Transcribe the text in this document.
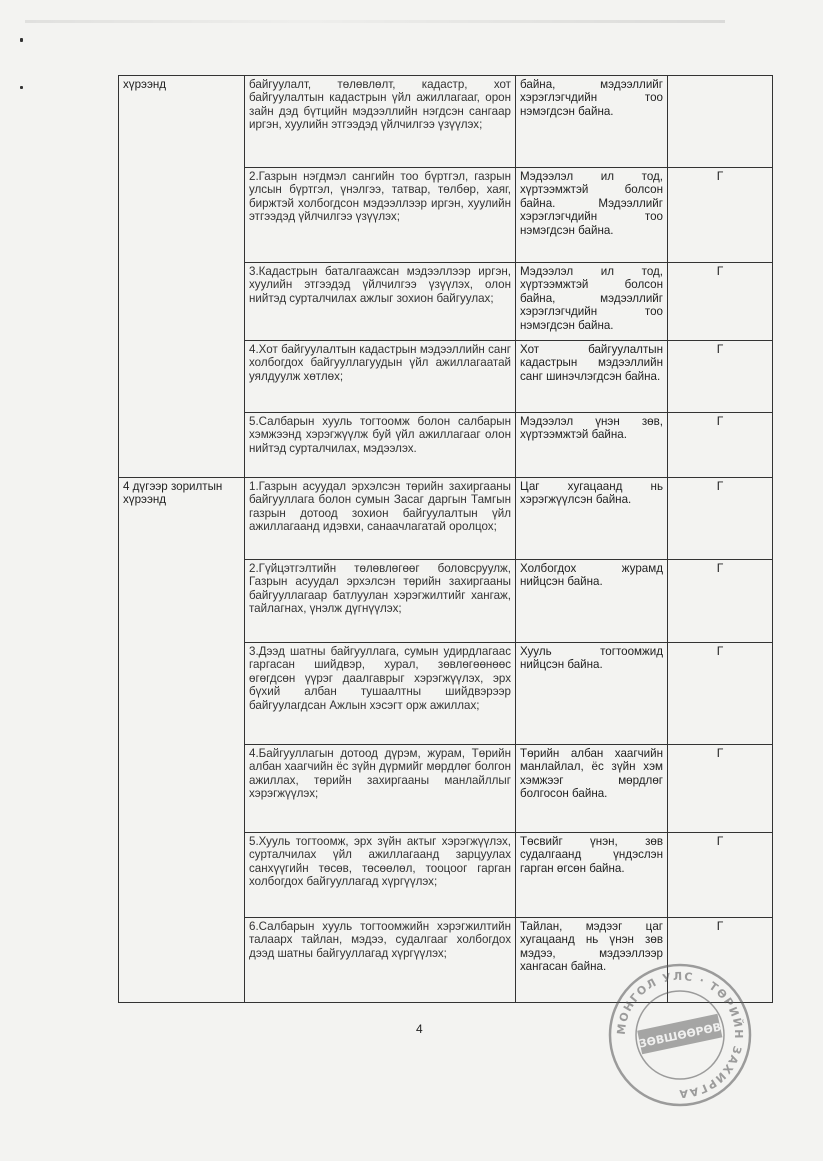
хүрээнд	байгуулалт, төлөвлөлт, кадастр, хот байгуулалтын кадастрын үйл ажиллагааг, орон зайн дэд бүтцийн мэдээллийн нэгдсэн сангаар иргэн, хуулийн этгээдэд үйлчилгээ үзүүлэх;	байна, мэдээллийг хэрэглэгчдийн тоо нэмэгдсэн байна.	
	2.Газрын нэгдмэл сангийн тоо бүртгэл, газрын улсын бүртгэл, үнэлгээ, татвар, төлбөр, хаяг, биржтэй холбогдсон мэдээллээр иргэн, хуулийн этгээдэд үйлчилгээ үзүүлэх;	Мэдээлэл ил тод, хүртээмжтэй болсон байна. Мэдээллийг хэрэглэгчдийн тоо нэмэгдсэн байна.	Г
	3.Кадастрын баталгаажсан мэдээллээр иргэн, хуулийн этгээдэд үйлчилгээ үзүүлэх, олон нийтэд сурталчилах ажлыг зохион байгуулах;	Мэдээлэл ил тод, хүртээмжтэй болсон байна, мэдээллийг хэрэглэгчдийн тоо нэмэгдсэн байна.	Г
	4.Хот байгуулалтын кадастрын мэдээллийн санг холбогдох байгууллагуудын үйл ажиллагаатай уялдуулж хөтлөх;	Хот байгуулалтын кадастрын мэдээллийн санг шинэчлэгдсэн байна.	Г
	5.Салбарын хууль тогтоомж болон салбарын хэмжээнд хэрэгжүүлж буй үйл ажиллагааг олон нийтэд сурталчилах, мэдээлэх.	Мэдээлэл үнэн зөв, хүртээмжтэй байна.	Г
4 дүгээр зорилтын хүрээнд	1.Газрын асуудал эрхэлсэн төрийн захиргааны байгууллага болон сумын Засаг даргын Тамгын газрын дотоод зохион байгуулалтын үйл ажиллагаанд идэвхи, санаачлагатай оролцох;	Цаг хугацаанд нь хэрэгжүүлсэн байна.	Г
	2.Гүйцэтгэлтийн төлөвлөгөөг боловсруулж, Газрын асуудал эрхэлсэн төрийн захиргааны байгууллагаар батлуулан хэрэгжилтийг хангаж, тайлагнах, үнэлж дүгнүүлэх;	Холбогдох журамд нийцсэн байна.	Г
	3.Дээд шатны байгууллага, сумын удирдлагаас гаргасан шийдвэр, хурал, зөвлөгөөнөөс өгөгдсөн үүрэг даалгаврыг хэрэгжүүлэх, эрх бүхий албан тушаалтны шийдвэрээр байгуулагдсан Ажлын хэсэгт орж ажиллах;	Хууль тогтоомжид нийцсэн байна.	Г
	4.Байгууллагын дотоод дүрэм, журам, Төрийн албан хаагчийн ёс зүйн дүрмийг мөрдлөг болгон ажиллах, төрийн захиргааны манлайллыг хэрэгжүүлэх;	Төрийн албан хаагчийн манлайлал, ёс зүйн хэм хэмжээг мөрдлөг болгосон байна.	Г
	5.Хууль тогтоомж, эрх зүйн актыг хэрэгжүүлэх, сурталчилах үйл ажиллагаанд зарцуулах санхүүгийн төсөв, төсөөлөл, тооцоог гарган холбогдох байгууллагад хүргүүлэх;	Төсвийг үнэн, зөв судалгаанд үндэслэн гарган өгсөн байна.	Г
	6.Салбарын хууль тогтоомжийн хэрэгжилтийн талаарх тайлан, мэдээ, судалгааг холбогдох дээд шатны байгууллагад хүргүүлэх;	Тайлан, мэдээг цаг хугацаанд нь үнэн зөв мэдээ, мэдээллээр хангасан байна.	Г
4	МОНГОЛ УЛС · ТӨРИЙН ЗАХИРГАА
ЗӨВШӨӨРӨВ
